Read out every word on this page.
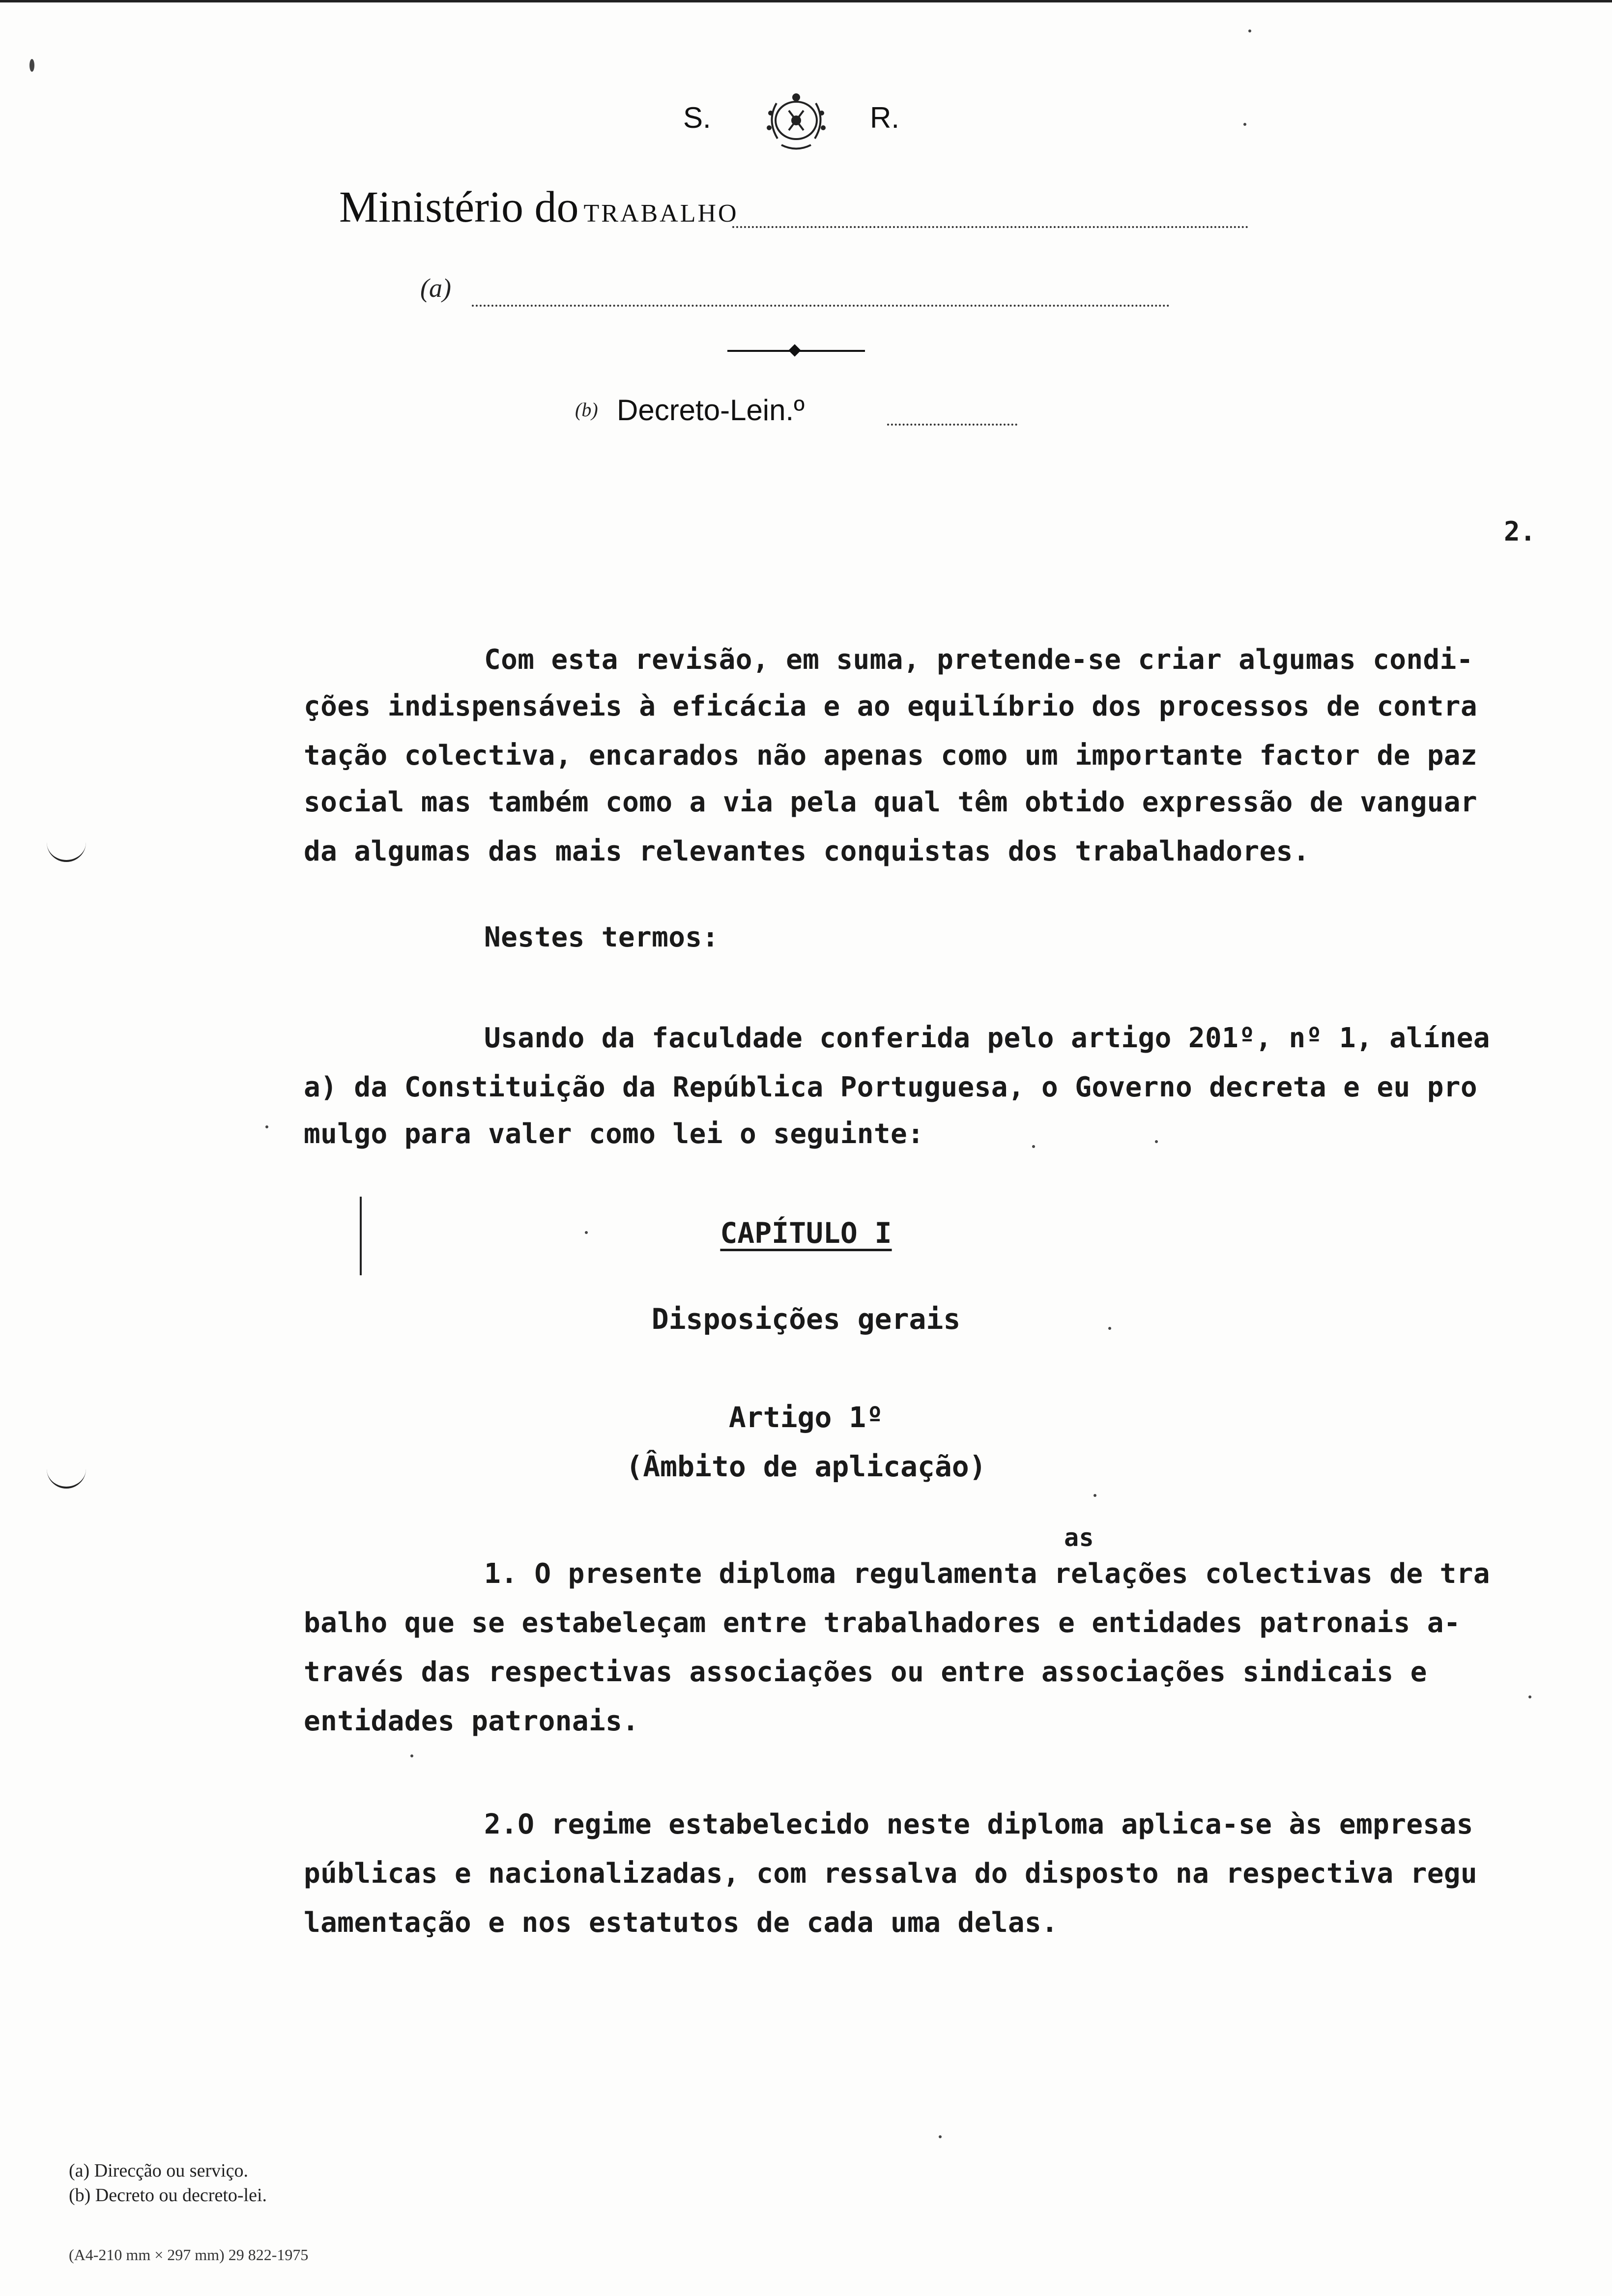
S.	R.
Ministério do TRABALHO
(a)
(b) Decreto-Lein.º
2.
Com esta revisão, em suma, pretende-se criar algumas condi-
ções indispensáveis à eficácia e ao equilíbrio dos processos de contra
tação colectiva, encarados não apenas como um importante factor de paz
social mas também como a via pela qual têm obtido expressão de vanguar
da algumas das mais relevantes conquistas dos trabalhadores.
Nestes termos:
Usando da faculdade conferida pelo artigo 201º, nº 1, alínea
a) da Constituição da República Portuguesa, o Governo decreta e eu pro
mulgo para valer como lei o seguinte:
CAPÍTULO I
Disposições gerais
Artigo 1º
(Âmbito de aplicação)
as
1. O presente diploma regulamenta relações colectivas de tra
balho que se estabeleçam entre trabalhadores e entidades patronais a-
través das respectivas associações ou entre associações sindicais e
entidades patronais.
2.O regime estabelecido neste diploma aplica-se às empresas
públicas e nacionalizadas, com ressalva do disposto na respectiva regu
lamentação e nos estatutos de cada uma delas.
(a) Direcção ou serviço.
(b) Decreto ou decreto-lei.
(A4-210 mm × 297 mm) 29 822-1975
